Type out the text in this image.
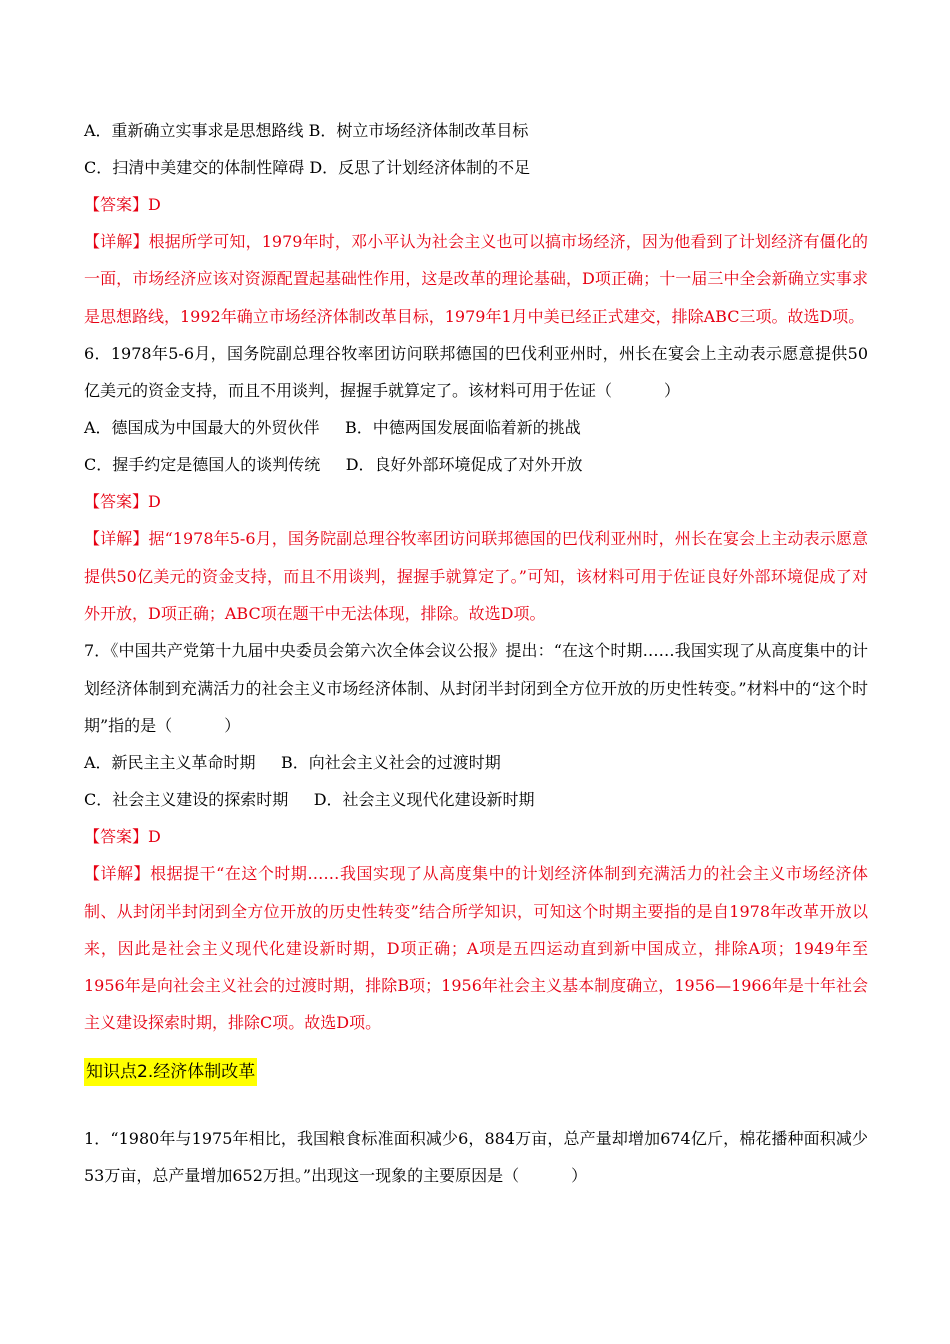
A．重新确立实事求是思想路线 B．树立市场经济体制改革目标

C．扫清中美建交的体制性障碍 D．反思了计划经济体制的不足

【答案】D

【详解】根据所学可知，1979年时，邓小平认为社会主义也可以搞市场经济，因为他看到了计划经济有僵化的一面，市场经济应该对资源配置起基础性作用，这是改革的理论基础，D项正确；十一届三中全会新确立实事求是思想路线，1992年确立市场经济体制改革目标，1979年1月中美已经正式建交，排除ABC三项。故选D项。

6．1978年5-6月，国务院副总理谷牧率团访问联邦德国的巴伐利亚州时，州长在宴会上主动表示愿意提供50亿美元的资金支持，而且不用谈判，握握手就算定了。该材料可用于佐证（	）

A．德国成为中国最大的外贸伙伴 B．中德两国发展面临着新的挑战

C．握手约定是德国人的谈判传统 D．良好外部环境促成了对外开放

【答案】D

【详解】据“1978年5-6月，国务院副总理谷牧率团访问联邦德国的巴伐利亚州时，州长在宴会上主动表示愿意提供50亿美元的资金支持，而且不用谈判，握握手就算定了。”可知，该材料可用于佐证良好外部环境促成了对外开放，D项正确；ABC项在题干中无法体现，排除。故选D项。

7．《中国共产党第十九届中央委员会第六次全体会议公报》提出：“在这个时期……我国实现了从高度集中的计划经济体制到充满活力的社会主义市场经济体制、从封闭半封闭到全方位开放的历史性转变。”材料中的“这个时期”指的是（	）

A．新民主主义革命时期 B．向社会主义社会的过渡时期

C．社会主义建设的探索时期 D．社会主义现代化建设新时期

【答案】D

【详解】根据提干“在这个时期……我国实现了从高度集中的计划经济体制到充满活力的社会主义市场经济体制、从封闭半封闭到全方位开放的历史性转变”结合所学知识，可知这个时期主要指的是自1978年改革开放以来，因此是社会主义现代化建设新时期，D项正确；A项是五四运动直到新中国成立，排除A项；1949年至1956年是向社会主义社会的过渡时期，排除B项；1956年社会主义基本制度确立，1956—1966年是十年社会主义建设探索时期，排除C项。故选D项。

知识点2.经济体制改革

1．“1980年与1975年相比，我国粮食标准面积减少6，884万亩，总产量却增加674亿斤，棉花播种面积减少53万亩，总产量增加652万担。”出现这一现象的主要原因是（	）
